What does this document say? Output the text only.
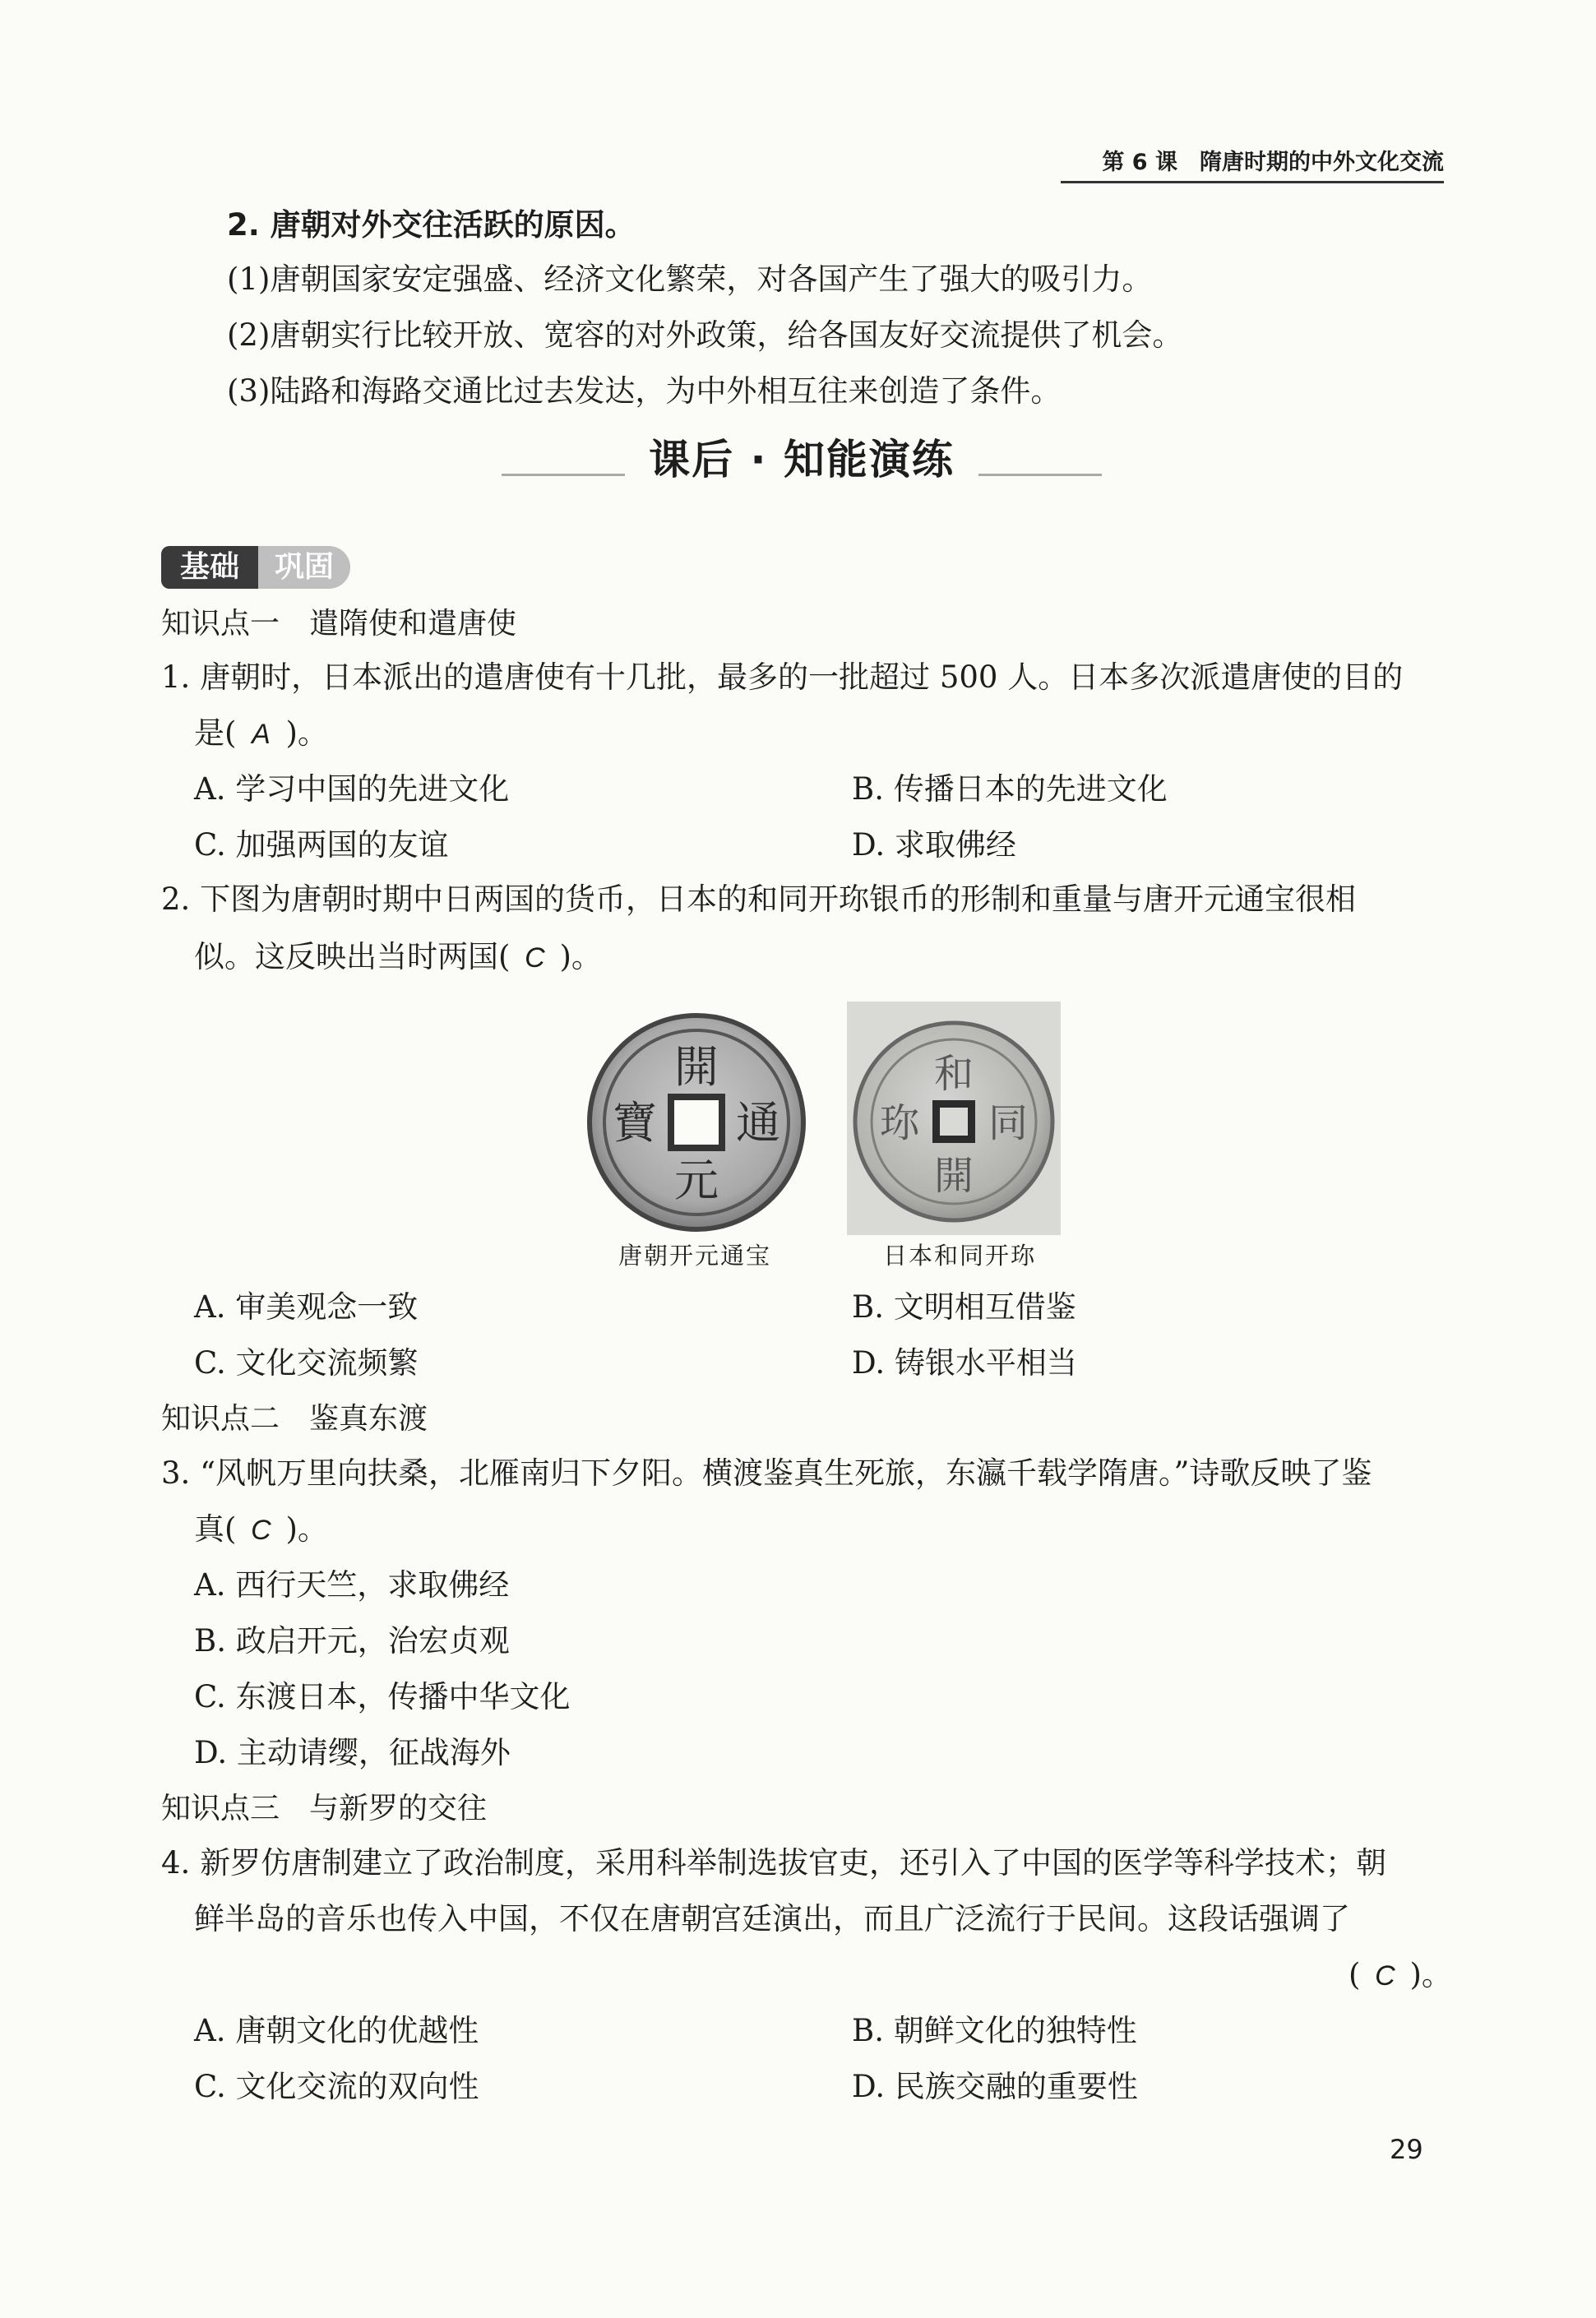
第 6 课　隋唐时期的中外文化交流
2. 唐朝对外交往活跃的原因。
(1)唐朝国家安定强盛、经济文化繁荣，对各国产生了强大的吸引力。
(2)唐朝实行比较开放、宽容的对外政策，给各国友好交流提供了机会。
(3)陆路和海路交通比过去发达，为中外相互往来创造了条件。
课后 · 知能演练
基础	巩固
知识点一　遣隋使和遣唐使
1. 唐朝时，日本派出的遣唐使有十几批，最多的一批超过 500 人。日本多次派遣唐使的目的
是( A )。
A. 学习中国的先进文化	B. 传播日本的先进文化
C. 加强两国的友谊	D. 求取佛经
2. 下图为唐朝时期中日两国的货币，日本的和同开珎银币的形制和重量与唐开元通宝很相
似。这反映出当时两国( C )。
開
通
元
寶
和
同
開
珎
唐朝开元通宝	日本和同开珎
A. 审美观念一致	B. 文明相互借鉴
C. 文化交流频繁	D. 铸银水平相当
知识点二　鉴真东渡
3. “风帆万里向扶桑，北雁南归下夕阳。横渡鉴真生死旅，东瀛千载学隋唐。”诗歌反映了鉴
真( C )。
A. 西行天竺，求取佛经
B. 政启开元，治宏贞观
C. 东渡日本，传播中华文化
D. 主动请缨，征战海外
知识点三　与新罗的交往
4. 新罗仿唐制建立了政治制度，采用科举制选拔官吏，还引入了中国的医学等科学技术；朝
鲜半岛的音乐也传入中国，不仅在唐朝宫廷演出，而且广泛流行于民间。这段话强调了
( C )。
A. 唐朝文化的优越性	B. 朝鲜文化的独特性
C. 文化交流的双向性	D. 民族交融的重要性
29
